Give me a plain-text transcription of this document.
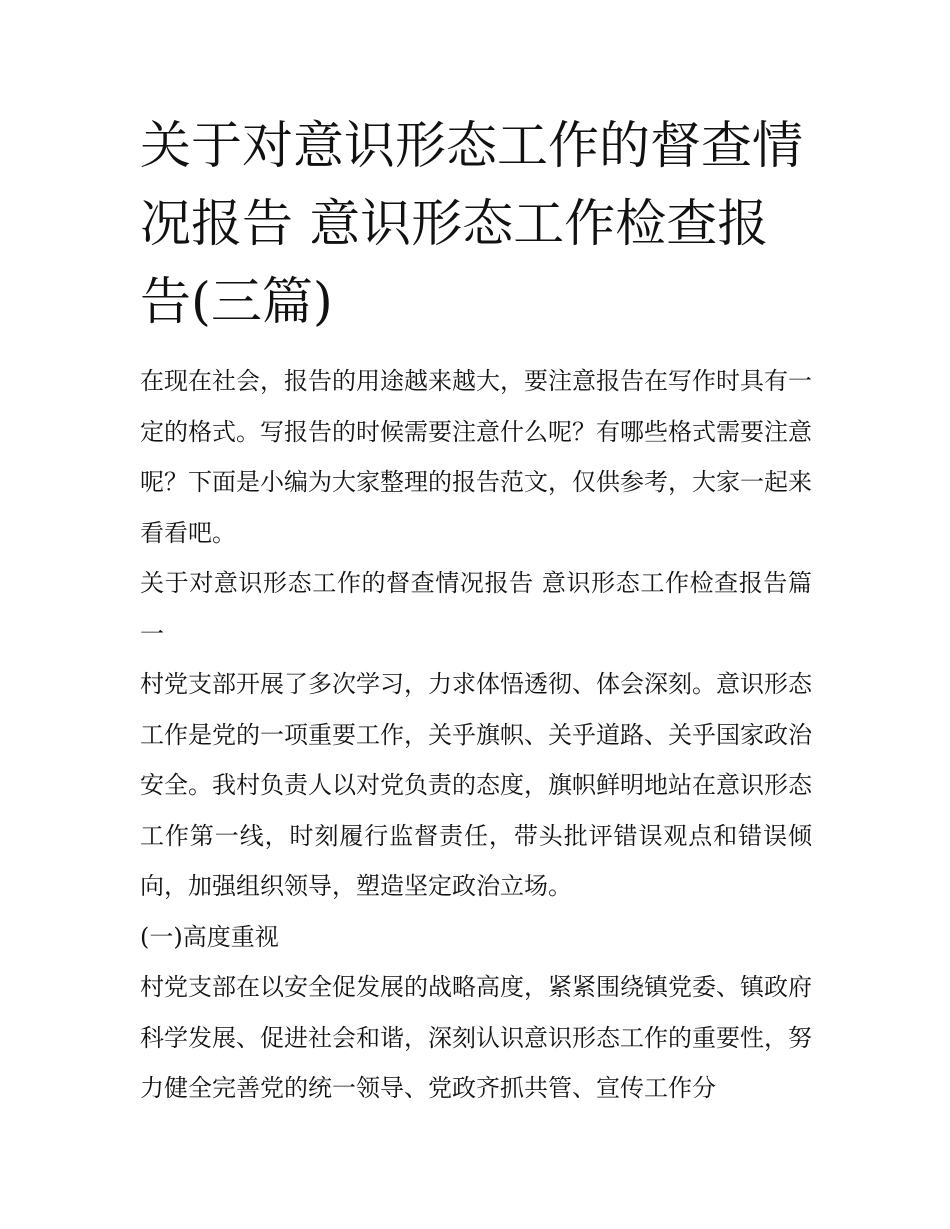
关于对意识形态工作的督查情况报告 意识形态工作检查报告(三篇)

在现在社会，报告的用途越来越大，要注意报告在写作时具有一定的格式。写报告的时候需要注意什么呢？有哪些格式需要注意呢？下面是小编为大家整理的报告范文，仅供参考，大家一起来看看吧。

关于对意识形态工作的督查情况报告 意识形态工作检查报告篇一

村党支部开展了多次学习，力求体悟透彻、体会深刻。意识形态工作是党的一项重要工作，关乎旗帜、关乎道路、关乎国家政治安全。我村负责人以对党负责的态度，旗帜鲜明地站在意识形态工作第一线，时刻履行监督责任，带头批评错误观点和错误倾向，加强组织领导，塑造坚定政治立场。

(一)高度重视

村党支部在以安全促发展的战略高度，紧紧围绕镇党委、镇政府科学发展、促进社会和谐，深刻认识意识形态工作的重要性，努力健全完善党的统一领导、党政齐抓共管、宣传工作分
